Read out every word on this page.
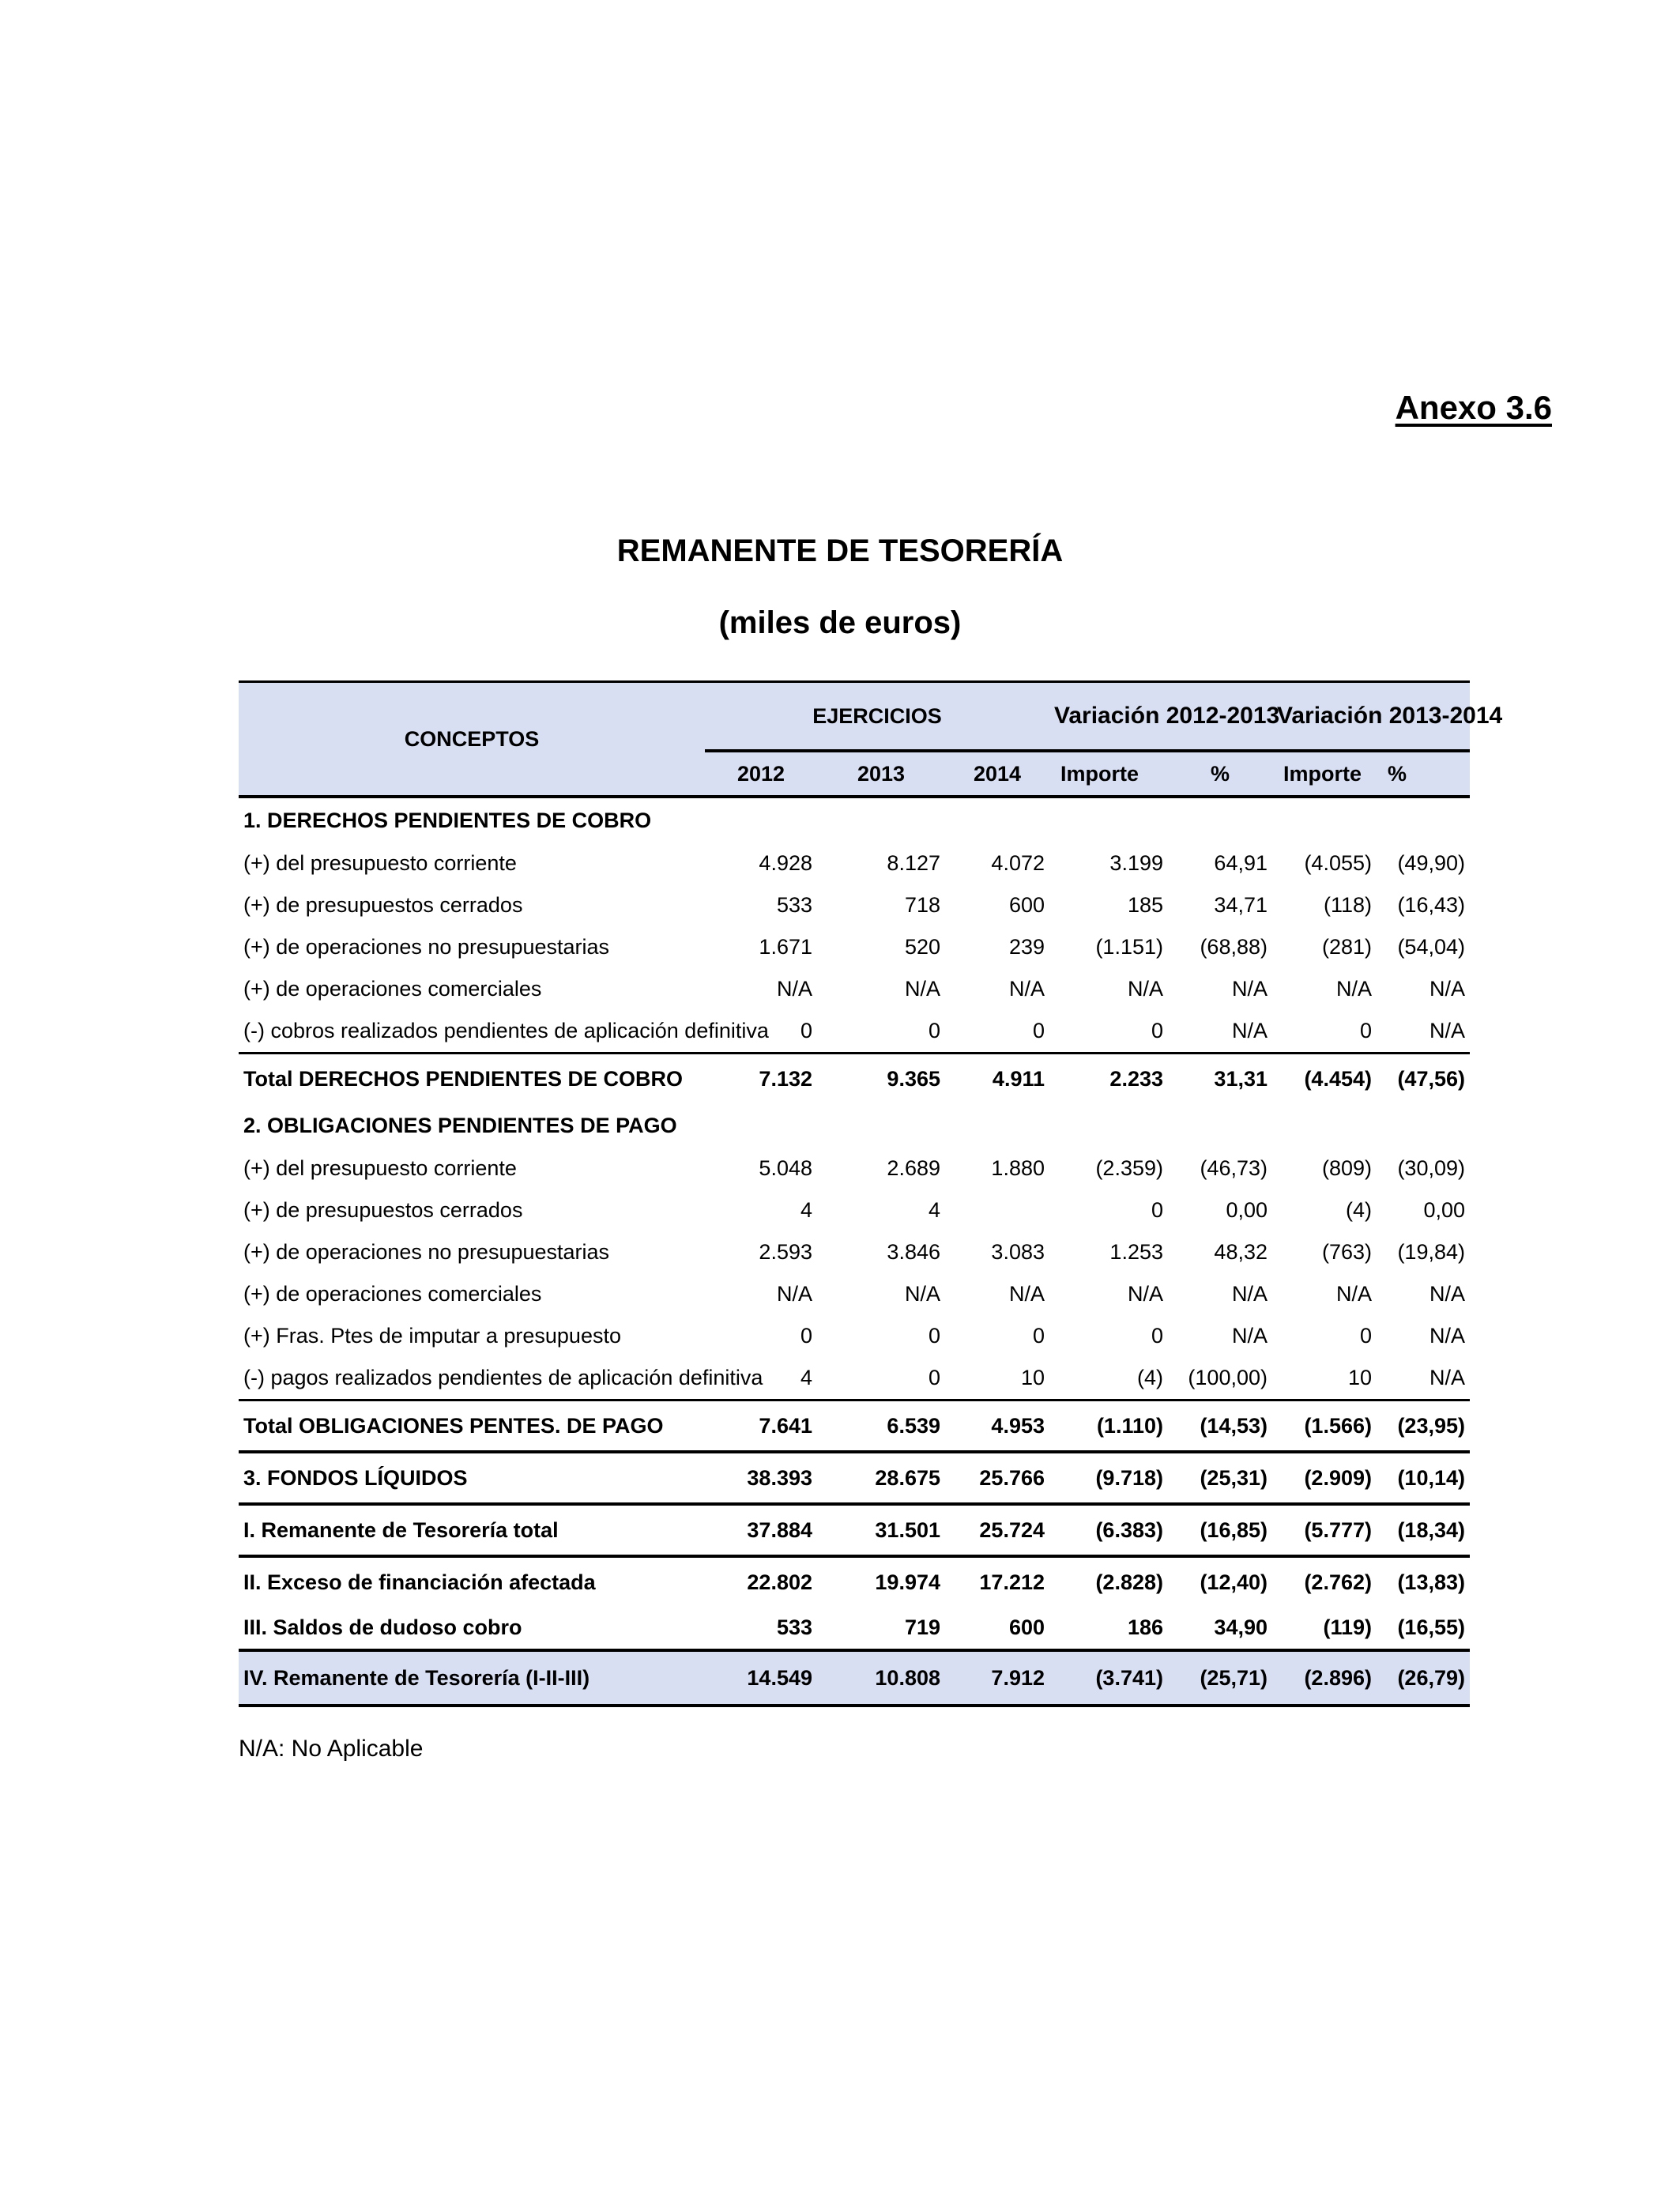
Anexo 3.6
REMANENTE DE TESORERÍA
(miles de euros)
CONCEPTOS	EJERCICIOS			Variación 2012-2013		Variación 2013-2014	
	2012	2013	2014	Importe	%	Importe	%
1. DERECHOS PENDIENTES DE COBRO							
(+) del presupuesto corriente	4.928	8.127	4.072	3.199	64,91	(4.055)	(49,90)
(+) de presupuestos cerrados	533	718	600	185	34,71	(118)	(16,43)
(+) de operaciones no presupuestarias	1.671	520	239	(1.151)	(68,88)	(281)	(54,04)
(+) de operaciones comerciales	N/A	N/A	N/A	N/A	N/A	N/A	N/A
(-) cobros realizados pendientes de aplicación definitiva	0	0	0	0	N/A	0	N/A
Total DERECHOS PENDIENTES DE COBRO	7.132	9.365	4.911	2.233	31,31	(4.454)	(47,56)
2. OBLIGACIONES PENDIENTES DE PAGO							
(+) del presupuesto corriente	5.048	2.689	1.880	(2.359)	(46,73)	(809)	(30,09)
(+) de presupuestos cerrados	4	4		0	0,00	(4)	0,00
(+) de operaciones no presupuestarias	2.593	3.846	3.083	1.253	48,32	(763)	(19,84)
(+) de operaciones comerciales	N/A	N/A	N/A	N/A	N/A	N/A	N/A
(+) Fras. Ptes de imputar a presupuesto	0	0	0	0	N/A	0	N/A
(-) pagos realizados pendientes de aplicación definitiva	4	0	10	(4)	(100,00)	10	N/A
Total OBLIGACIONES PENTES. DE PAGO	7.641	6.539	4.953	(1.110)	(14,53)	(1.566)	(23,95)
3. FONDOS LÍQUIDOS	38.393	28.675	25.766	(9.718)	(25,31)	(2.909)	(10,14)
I. Remanente de Tesorería total	37.884	31.501	25.724	(6.383)	(16,85)	(5.777)	(18,34)
II. Exceso de financiación afectada	22.802	19.974	17.212	(2.828)	(12,40)	(2.762)	(13,83)
III. Saldos de dudoso cobro	533	719	600	186	34,90	(119)	(16,55)
IV. Remanente de Tesorería (I-II-III)	14.549	10.808	7.912	(3.741)	(25,71)	(2.896)	(26,79)
N/A: No Aplicable
